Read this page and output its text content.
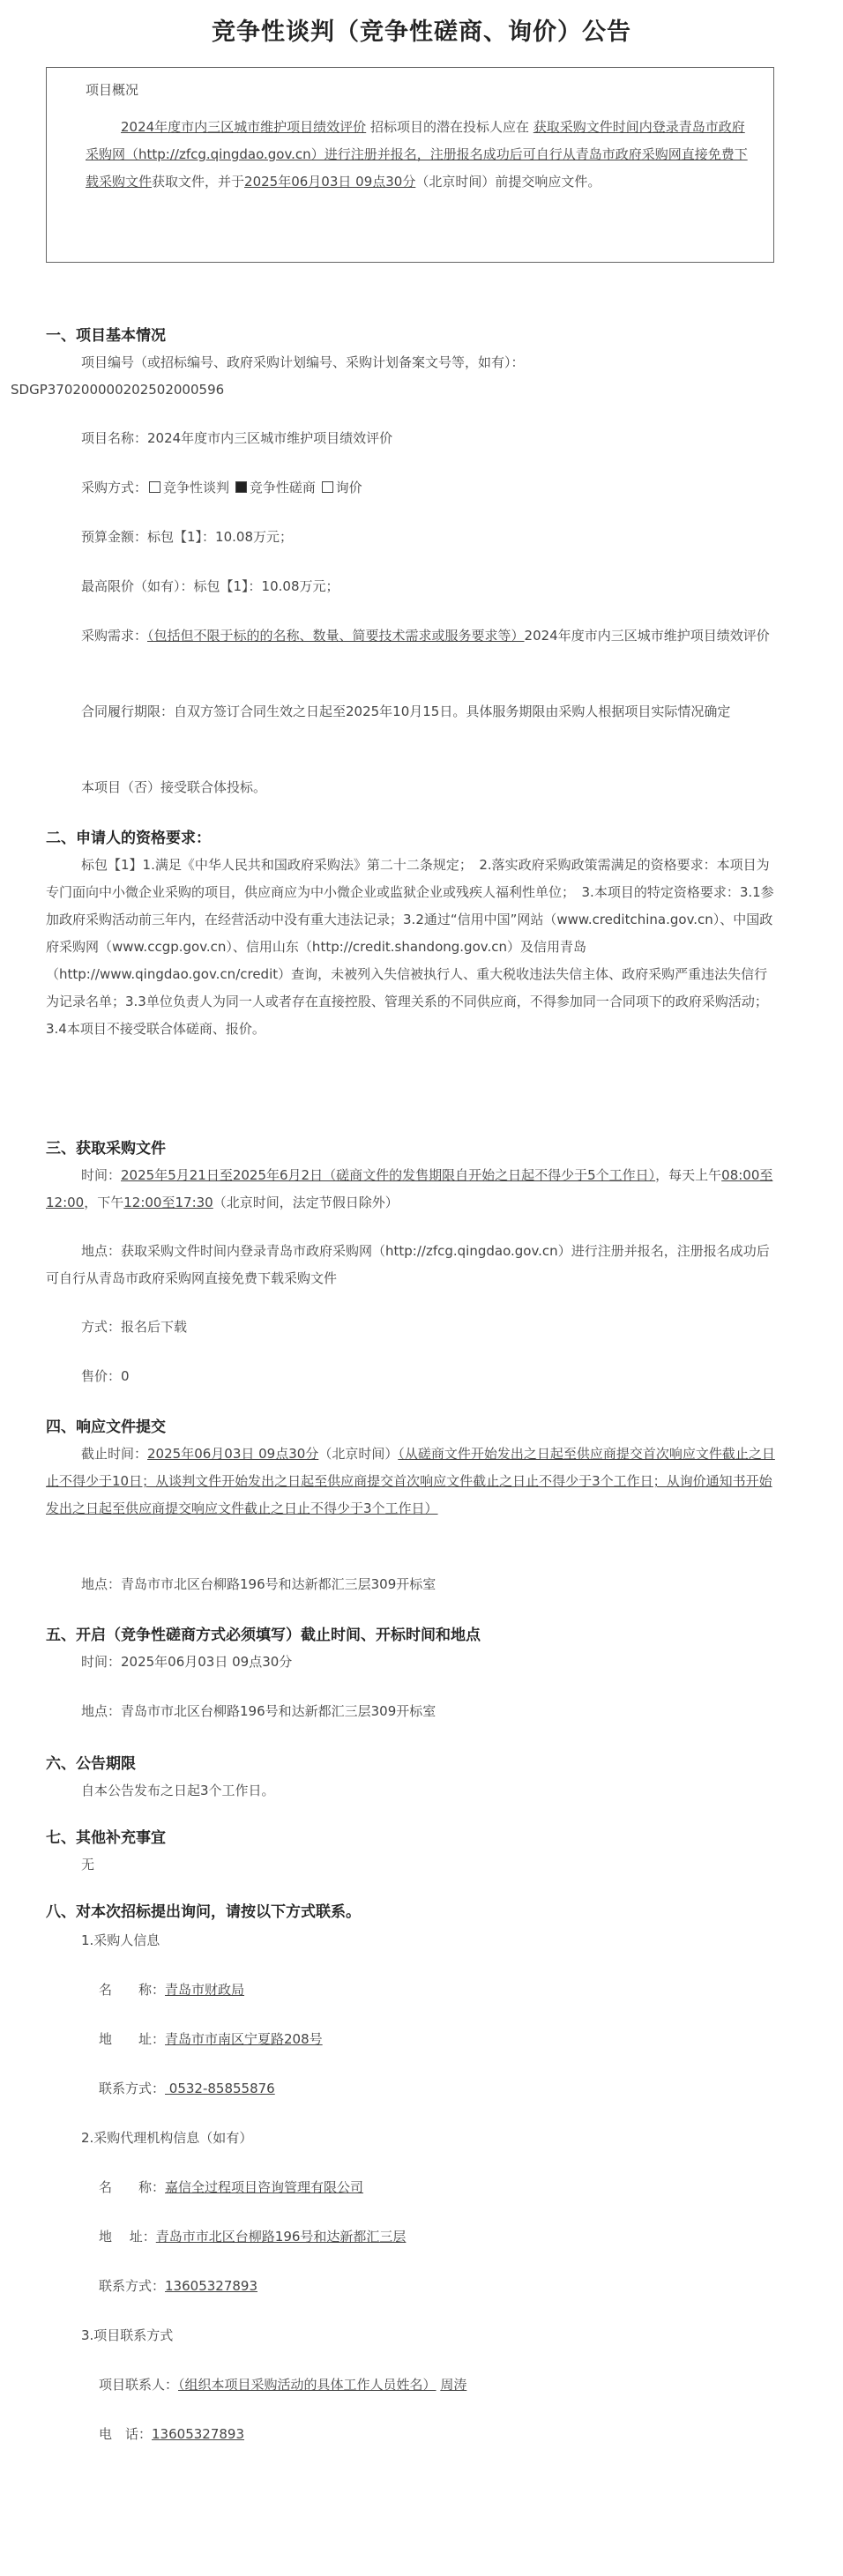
竞争性谈判（竞争性磋商、询价）公告
项目概况
2024年度市内三区城市维护项目绩效评价 招标项目的潜在投标人应在 获取采购文件时间内登录青岛市政府采购网（http://zfcg.qingdao.gov.cn）进行注册并报名，注册报名成功后可自行从青岛市政府采购网直接免费下载采购文件获取文件，并于2025年06月03日 09点30分（北京时间）前提交响应文件。
一、项目基本情况
项目编号（或招标编号、政府采购计划编号、采购计划备案文号等，如有）：
SDGP370200000202502000596
项目名称：2024年度市内三区城市维护项目绩效评价
采购方式： 竞争性谈判 竞争性磋商 询价
预算金额：标包【1】：10.08万元；
最高限价（如有）：标包【1】：10.08万元；
采购需求：（包括但不限于标的的名称、数量、简要技术需求或服务要求等）2024年度市内三区城市维护项目绩效评价
合同履行期限：自双方签订合同生效之日起至2025年10月15日。具体服务期限由采购人根据项目实际情况确定
本项目（否）接受联合体投标。
二、申请人的资格要求：
标包【1】1.满足《中华人民共和国政府采购法》第二十二条规定；　2.落实政府采购政策需满足的资格要求：本项目为专门面向中小微企业采购的项目，供应商应为中小微企业或监狱企业或残疾人福利性单位；　3.本项目的特定资格要求：3.1参加政府采购活动前三年内，在经营活动中没有重大违法记录；3.2通过“信用中国”网站（www.creditchina.gov.cn）、中国政府采购网（www.ccgp.gov.cn）、信用山东（http://credit.shandong.gov.cn）及信用青岛（http://www.qingdao.gov.cn/credit）查询，未被列入失信被执行人、重大税收违法失信主体、政府采购严重违法失信行为记录名单；3.3单位负责人为同一人或者存在直接控股、管理关系的不同供应商，不得参加同一合同项下的政府采购活动；3.4本项目不接受联合体磋商、报价。
三、获取采购文件
时间：2025年5月21日至2025年6月2日（磋商文件的发售期限自开始之日起不得少于5个工作日），每天上午08:00至12:00，下午12:00至17:30（北京时间，法定节假日除外）
地点：获取采购文件时间内登录青岛市政府采购网（http://zfcg.qingdao.gov.cn）进行注册并报名，注册报名成功后可自行从青岛市政府采购网直接免费下载采购文件
方式：报名后下载
售价：0
四、响应文件提交
截止时间：2025年06月03日 09点30分（北京时间）（从磋商文件开始发出之日起至供应商提交首次响应文件截止之日止不得少于10日；从谈判文件开始发出之日起至供应商提交首次响应文件截止之日止不得少于3个工作日；从询价通知书开始发出之日起至供应商提交响应文件截止之日止不得少于3个工作日）
地点：青岛市市北区台柳路196号和达新都汇三层309开标室
五、开启（竞争性磋商方式必须填写）截止时间、开标时间和地点
时间：2025年06月03日 09点30分
地点：青岛市市北区台柳路196号和达新都汇三层309开标室
六、公告期限
自本公告发布之日起3个工作日。
七、其他补充事宜
无
八、对本次招标提出询问，请按以下方式联系。
1.采购人信息
名　　称：青岛市财政局
地　　址：青岛市市南区宁夏路208号
联系方式： 0532-85855876
2.采购代理机构信息（如有）
名　　称：嘉信全过程项目咨询管理有限公司
地　 址：青岛市市北区台柳路196号和达新都汇三层
联系方式：13605327893
3.项目联系方式
项目联系人：（组织本项目采购活动的具体工作人员姓名） 周涛
电　话：13605327893
